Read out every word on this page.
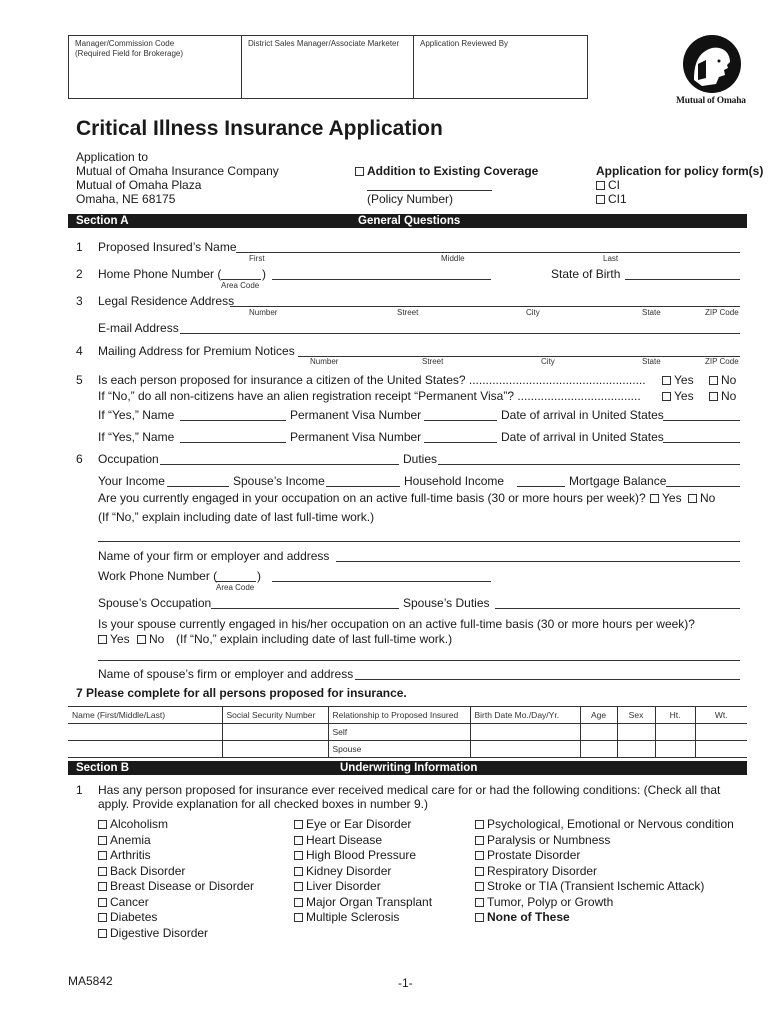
Manager/Commission Code
(Required Field for Brokerage)
District Sales Manager/Associate Marketer	Application Reviewed By
Mutual of Omaha
Critical Illness Insurance Application
Application to
Mutual of Omaha Insurance Company
Mutual of Omaha Plaza
Omaha, NE 68175
Addition to Existing Coverage
(Policy Number)
Application for policy form(s)
CI
CI1
Section A	General Questions
1 Proposed Insured’s Name
First	Middle	Last
2 Home Phone Number (	)
Area Code
State of Birth
3 Legal Residence Address
Number	Street	City	State	ZIP Code
E-mail Address
4 Mailing Address for Premium Notices
Number	Street	City	State	ZIP Code
5 Is each person proposed for insurance a citizen of the United States? .....................................................	Yes	No
If “No,” do all non-citizens have an alien registration receipt “Permanent Visa”? .....................................	Yes	No
If “Yes,” Name	Permanent Visa Number	Date of arrival in United States
If “Yes,” Name	Permanent Visa Number	Date of arrival in United States
6 Occupation	Duties
Your Income	Spouse’s Income	Household Income	Mortgage Balance
Are you currently engaged in your occupation on an active full-time basis (30 or more hours per week)?	Yes	No
(If “No,” explain including date of last full-time work.)
Name of your firm or employer and address
Work Phone Number (	)
Area Code
Spouse’s Occupation	Spouse’s Duties
Is your spouse currently engaged in his/her occupation on an active full-time basis (30 or more hours per week)?
Yes	No (If “No,” explain including date of last full-time work.)
Name of spouse’s firm or employer and address
7 Please complete for all persons proposed for insurance.
Name (First/Middle/Last)	Social Security Number	Relationship to Proposed Insured	Birth Date Mo./Day/Yr.	Age	Sex	Ht.	Wt.
		Self					
		Spouse					
Section B	Underwriting Information
1 Has any person proposed for insurance ever received medical care for or had the following conditions: (Check all that
apply. Provide explanation for all checked boxes in number 9.)
Alcoholism
Anemia
Arthritis
Back Disorder
Breast Disease or Disorder
Cancer
Diabetes
Digestive Disorder
Eye or Ear Disorder
Heart Disease
High Blood Pressure
Kidney Disorder
Liver Disorder
Major Organ Transplant
Multiple Sclerosis
Psychological, Emotional or Nervous condition
Paralysis or Numbness
Prostate Disorder
Respiratory Disorder
Stroke or TIA (Transient Ischemic Attack)
Tumor, Polyp or Growth
None of These
MA5842	-1-
